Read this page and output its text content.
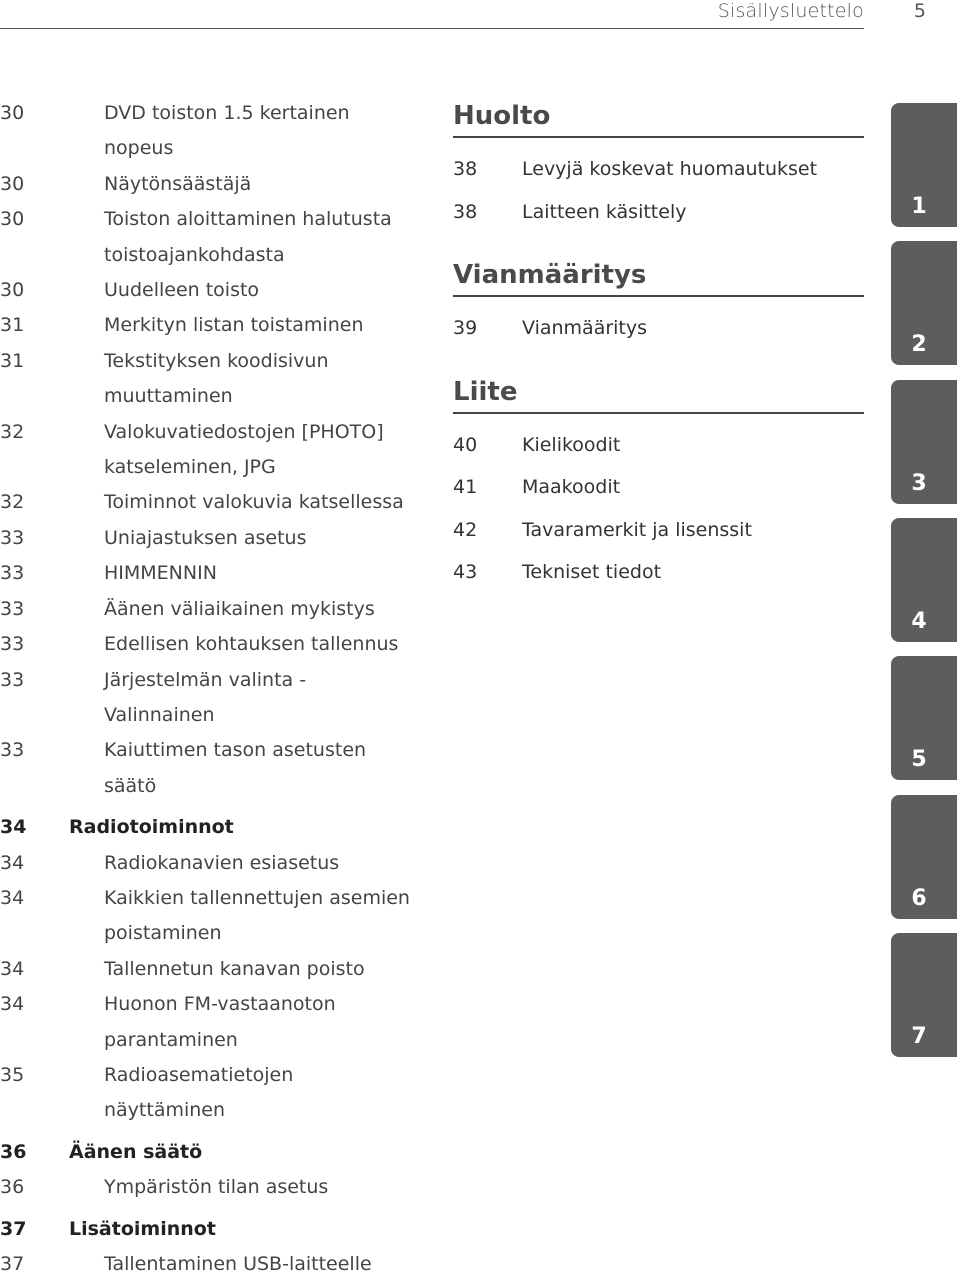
Sisällysluettelo	5
30	DVD toiston 1.5 kertainen
nopeus
30	Näytönsäästäjä
30	Toiston aloittaminen halutusta
toistoajankohdasta
30	Uudelleen toisto
31	Merkityn listan toistaminen
31	Tekstityksen koodisivun
muuttaminen
32	Valokuvatiedostojen [PHOTO]
katseleminen, JPG
32	Toiminnot valokuvia katsellessa
33	Uniajastuksen asetus
33	HIMMENNIN
33	Äänen väliaikainen mykistys
33	Edellisen kohtauksen tallennus
33	Järjestelmän valinta -
Valinnainen
33	Kaiuttimen tason asetusten
säätö
34	Radiotoiminnot
34	Radiokanavien esiasetus
34	Kaikkien tallennettujen asemien
poistaminen
34	Tallennetun kanavan poisto
34	Huonon FM-vastaanoton
parantaminen
35	Radioasematietojen
näyttäminen
36	Äänen säätö
36	Ympäristön tilan asetus
37	Lisätoiminnot
37	Tallentaminen USB-laitteelle
Huolto
38 Levyjä koskevat huomautukset
38 Laitteen käsittely
Vianmääritys
39 Vianmääritys
Liite
40 Kielikoodit
41 Maakoodit
42 Tavaramerkit ja lisenssit
43 Tekniset tiedot
1
2
3
4
5
6
7
